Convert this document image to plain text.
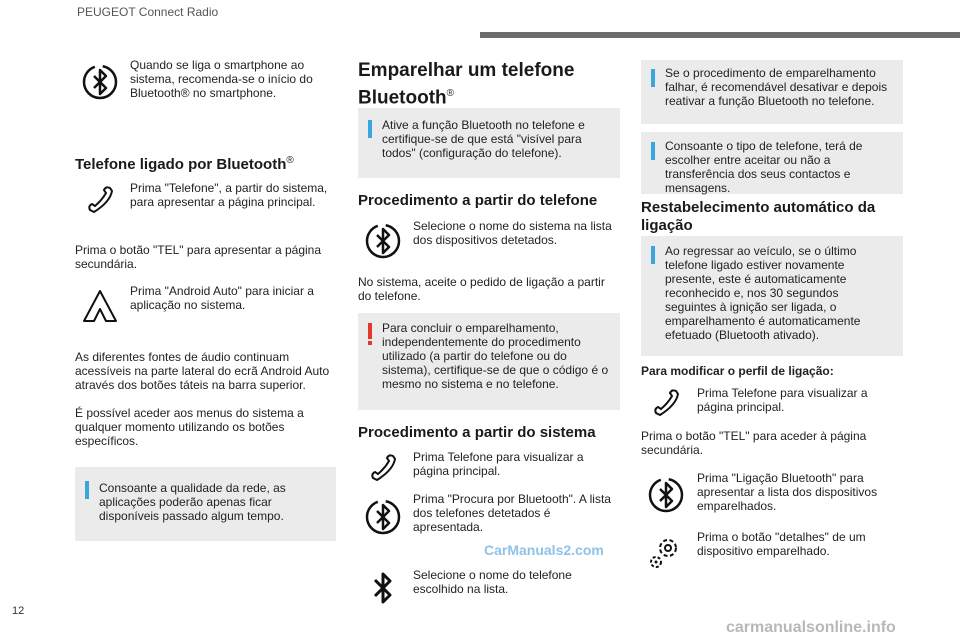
PEUGEOT Connect Radio
12
CarManuals2.com
carmanualsonline.info
Quando se liga o smartphone ao sistema, recomenda-se o início do Bluetooth® no smartphone.
Telefone ligado por Bluetooth®
Prima "Telefone", a partir do sistema, para apresentar a página principal.
Prima o botão "TEL" para apresentar a página secundária.
Prima "Android Auto" para iniciar a aplicação no sistema.
As diferentes fontes de áudio continuam acessíveis na parte lateral do ecrã Android Auto através dos botões táteis na barra superior.
É possível aceder aos menus do sistema a qualquer momento utilizando os botões específicos.
Consoante a qualidade da rede, as aplicações poderão apenas ficar disponíveis passado algum tempo.
Emparelhar um telefone Bluetooth®
Ative a função Bluetooth no telefone e certifique-se de que está "visível para todos" (configuração do telefone).
Procedimento a partir do telefone
Selecione o nome do sistema na lista dos dispositivos detetados.
No sistema, aceite o pedido de ligação a partir do telefone.
Para concluir o emparelhamento, independentemente do procedimento utilizado (a partir do telefone ou do sistema), certifique-se de que o código é o mesmo no sistema e no telefone.
Procedimento a partir do sistema
Prima Telefone para visualizar a página principal.
Prima "Procura por Bluetooth". A lista dos telefones detetados é apresentada.
Selecione o nome do telefone escolhido na lista.
Se o procedimento de emparelhamento falhar, é recomendável desativar e depois reativar a função Bluetooth no telefone.
Consoante o tipo de telefone, terá de escolher entre aceitar ou não a transferência dos seus contactos e mensagens.
Restabelecimento automático da ligação
Ao regressar ao veículo, se o último telefone ligado estiver novamente presente, este é automaticamente reconhecido e, nos 30 segundos seguintes à ignição ser ligada, o emparelhamento é automaticamente efetuado (Bluetooth ativado).
Para modificar o perfil de ligação:
Prima Telefone para visualizar a página principal.
Prima o botão "TEL" para aceder à página secundária.
Prima "Ligação Bluetooth" para apresentar a lista dos dispositivos emparelhados.
Prima o botão "detalhes" de um dispositivo emparelhado.
